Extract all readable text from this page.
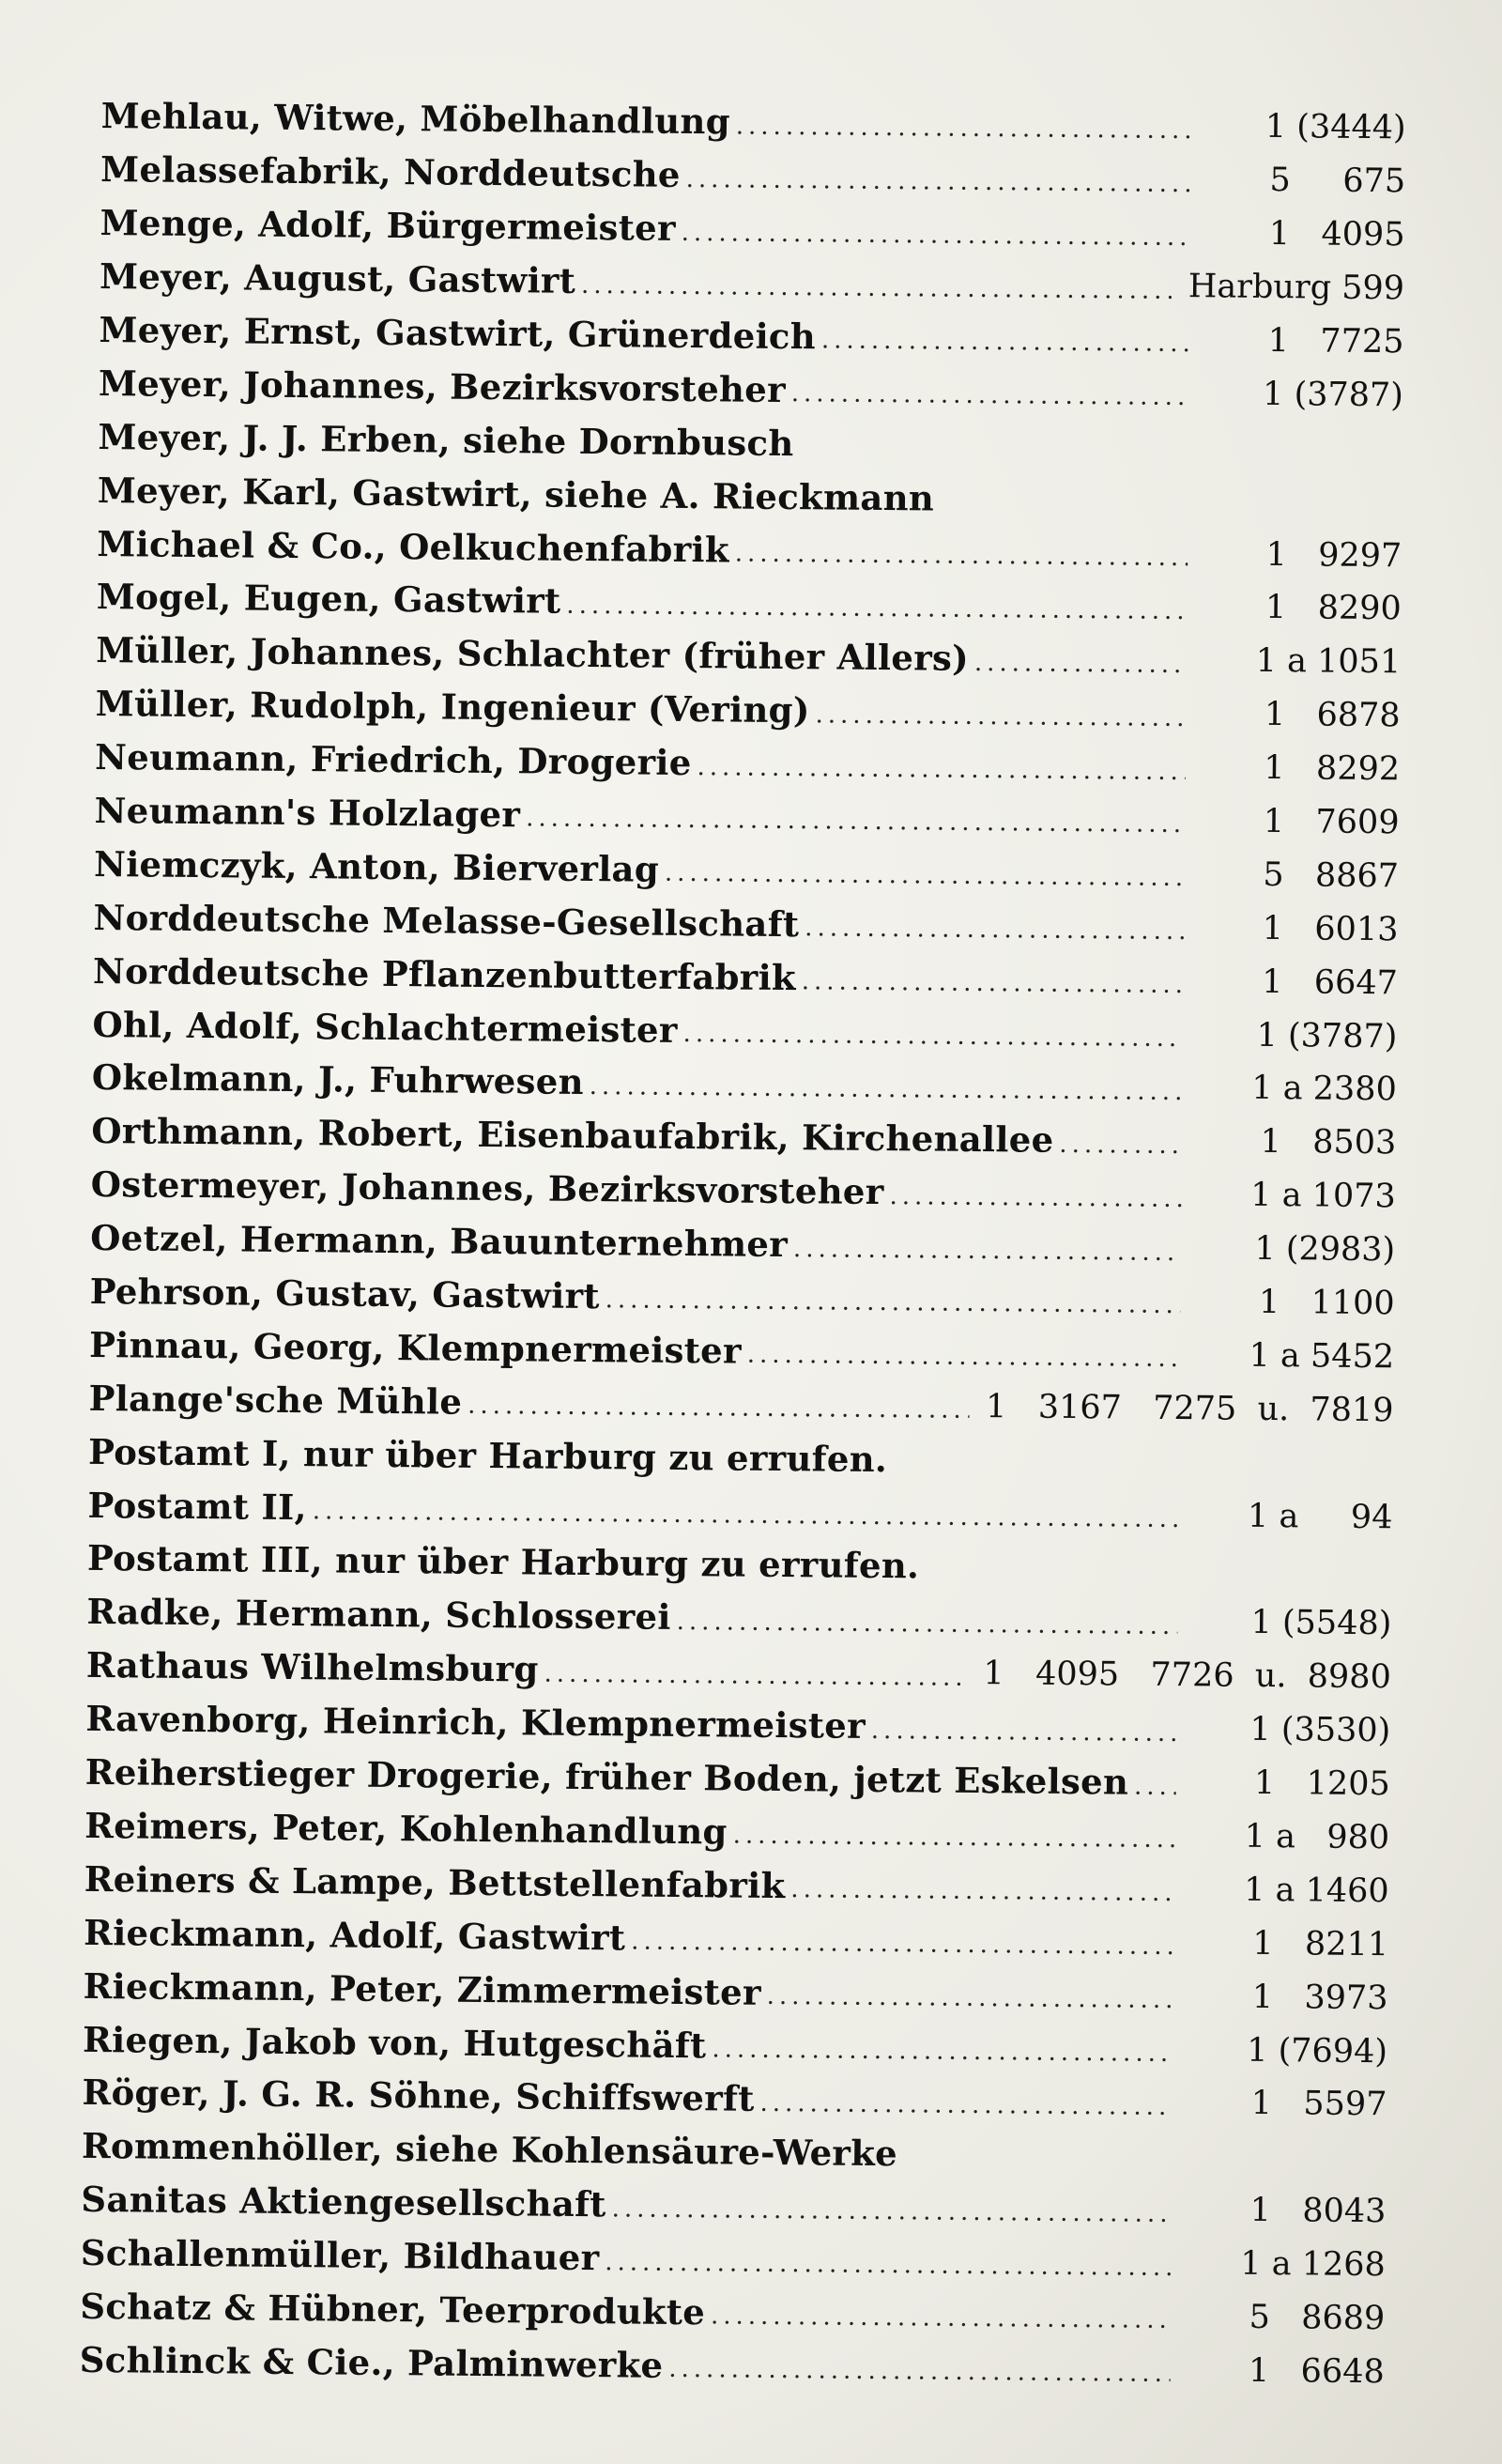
Mehlau, Witwe, Möbelhandlung .....	1 (3444)
Melassefabrik, Norddeutsche .....	5     675
Menge, Adolf, Bürgermeister .....	1   4095
Meyer, August, Gastwirt .....	Harburg 599
Meyer, Ernst, Gastwirt, Grünerdeich .....	1   7725
Meyer, Johannes, Bezirksvorsteher .....	1 (3787)
Meyer, J. J. Erben, siehe Dornbusch
Meyer, Karl, Gastwirt, siehe A. Rieckmann
Michael & Co., Oelkuchenfabrik .....	1   9297
Mogel, Eugen, Gastwirt .....	1   8290
Müller, Johannes, Schlachter (früher Allers) .....	1 a 1051
Müller, Rudolph, Ingenieur (Vering) .....	1   6878
Neumann, Friedrich, Drogerie .....	1   8292
Neumann's Holzlager .....	1   7609
Niemczyk, Anton, Bierverlag .....	5   8867
Norddeutsche Melasse-Gesellschaft .....	1   6013
Norddeutsche Pflanzenbutterfabrik .....	1   6647
Ohl, Adolf, Schlachtermeister .....	1 (3787)
Okelmann, J., Fuhrwesen .....	1 a 2380
Orthmann, Robert, Eisenbaufabrik, Kirchenallee .....	1   8503
Ostermeyer, Johannes, Bezirksvorsteher .....	1 a 1073
Oetzel, Hermann, Bauunternehmer .....	1 (2983)
Pehrson, Gustav, Gastwirt .....	1   1100
Pinnau, Georg, Klempnermeister .....	1 a 5452
Plange'sche Mühle .....	1   3167   7275  u.  7819
Postamt I, nur über Harburg zu errufen.
Postamt II, .....	1 a     94
Postamt III, nur über Harburg zu errufen.
Radke, Hermann, Schlosserei .....	1 (5548)
Rathaus Wilhelmsburg .....	1   4095   7726  u.  8980
Ravenborg, Heinrich, Klempnermeister .....	1 (3530)
Reiherstieger Drogerie, früher Boden, jetzt Eskelsen .....	1   1205
Reimers, Peter, Kohlenhandlung .....	1 a   980
Reiners & Lampe, Bettstellenfabrik .....	1 a 1460
Rieckmann, Adolf, Gastwirt .....	1   8211
Rieckmann, Peter, Zimmermeister .....	1   3973
Riegen, Jakob von, Hutgeschäft .....	1 (7694)
Röger, J. G. R. Söhne, Schiffswerft .....	1   5597
Rommenhöller, siehe Kohlensäure-Werke
Sanitas Aktiengesellschaft .....	1   8043
Schallenmüller, Bildhauer .....	1 a 1268
Schatz & Hübner, Teerprodukte .....	5   8689
Schlinck & Cie., Palminwerke .....	1   6648
